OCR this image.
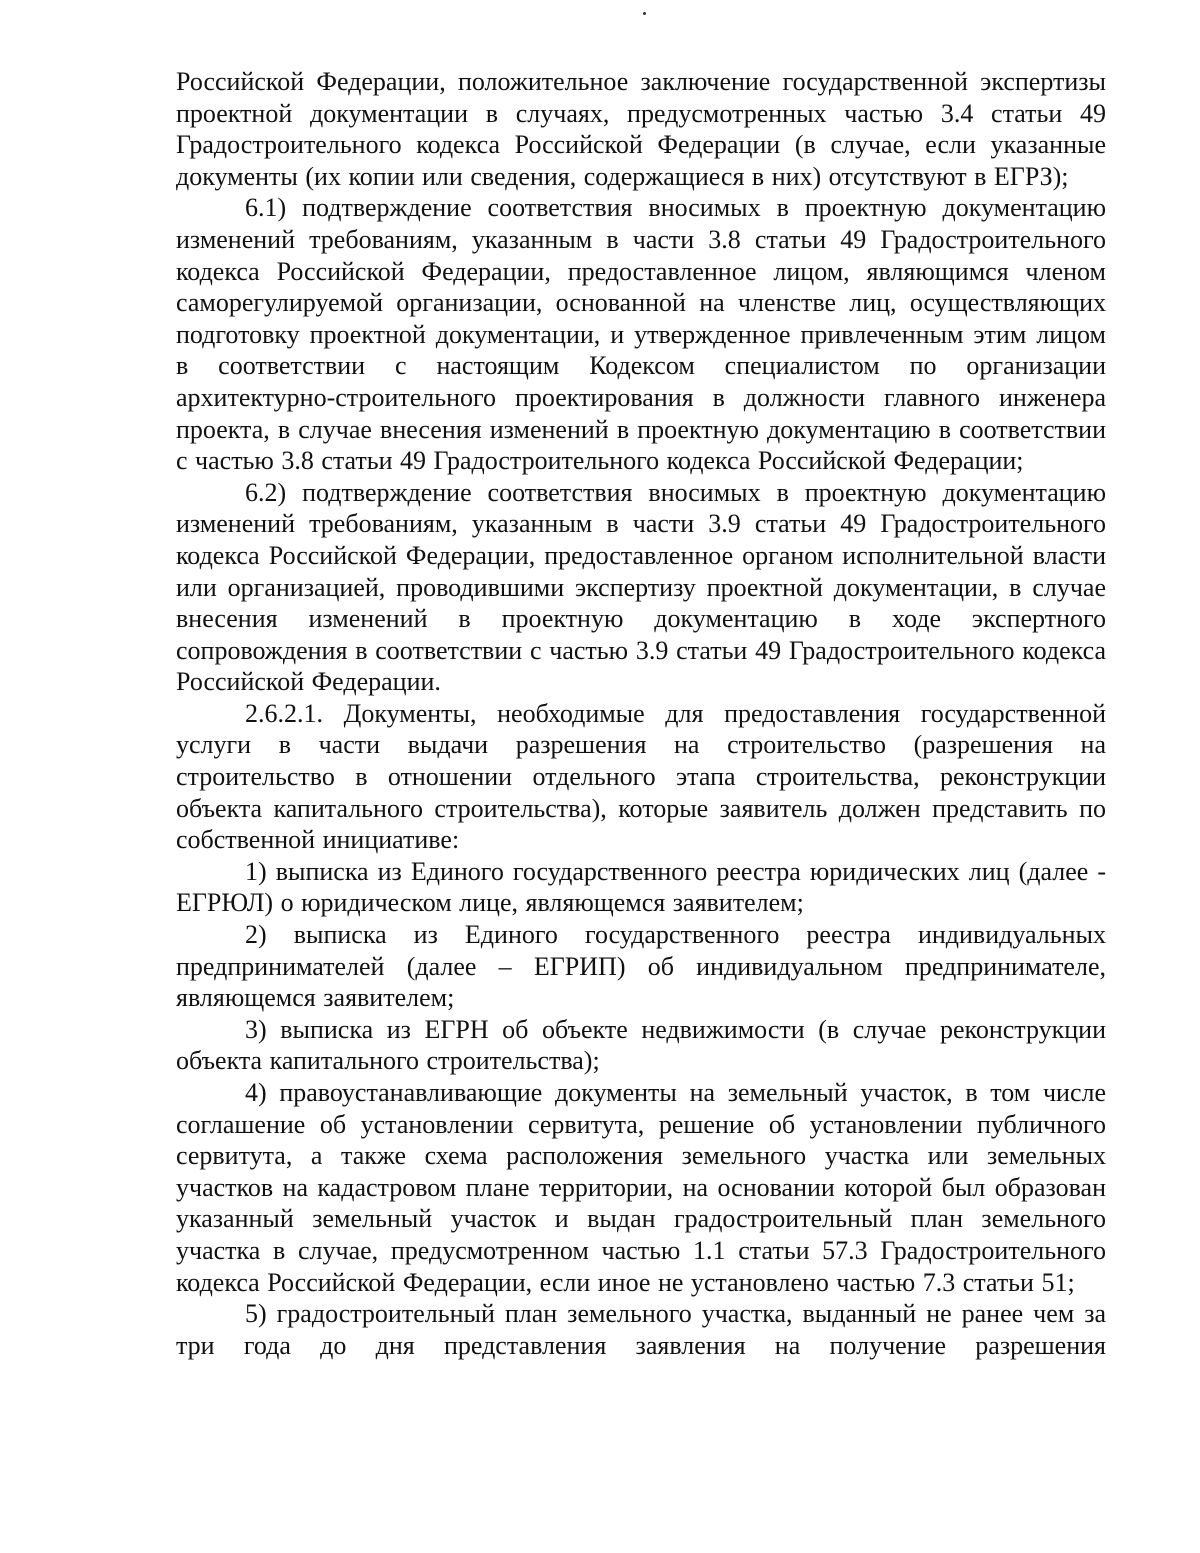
Российской Федерации, положительное заключение государственной экспертизы проектной документации в случаях, предусмотренных частью 3.4 статьи 49 Градостроительного кодекса Российской Федерации (в случае, если указанные документы (их копии или сведения, содержащиеся в них) отсутствуют в ЕГРЗ);

6.1) подтверждение соответствия вносимых в проектную документацию изменений требованиям, указанным в части 3.8 статьи 49 Градостроительного кодекса Российской Федерации, предоставленное лицом, являющимся членом саморегулируемой организации, основанной на членстве лиц, осуществляющих подготовку проектной документации, и утвержденное привлеченным этим лицом в соответствии с настоящим Кодексом специалистом по организации архитектурно-строительного проектирования в должности главного инженера проекта, в случае внесения изменений в проектную документацию в соответствии с частью 3.8 статьи 49 Градостроительного кодекса Российской Федерации;

6.2) подтверждение соответствия вносимых в проектную документацию изменений требованиям, указанным в части 3.9 статьи 49 Градостроительного кодекса Российской Федерации, предоставленное органом исполнительной власти или организацией, проводившими экспертизу проектной документации, в случае внесения изменений в проектную документацию в ходе экспертного сопровождения в соответствии с частью 3.9 статьи 49 Градостроительного кодекса Российской Федерации.

2.6.2.1. Документы, необходимые для предоставления государственной услуги в части выдачи разрешения на строительство (разрешения на строительство в отношении отдельного этапа строительства, реконструкции объекта капитального строительства), которые заявитель должен представить по собственной инициативе:

1) выписка из Единого государственного реестра юридических лиц (далее - ЕГРЮЛ) о юридическом лице, являющемся заявителем;

2) выписка из Единого государственного реестра индивидуальных предпринимателей (далее – ЕГРИП) об индивидуальном предпринимателе, являющемся заявителем;

3) выписка из ЕГРН об объекте недвижимости (в случае реконструкции объекта капитального строительства);

4) правоустанавливающие документы на земельный участок, в том числе соглашение об установлении сервитута, решение об установлении публичного сервитута, а также схема расположения земельного участка или земельных участков на кадастровом плане территории, на основании которой был образован указанный земельный участок и выдан градостроительный план земельного участка в случае, предусмотренном частью 1.1 статьи 57.3 Градостроительного кодекса Российской Федерации, если иное не установлено частью 7.3 статьи 51;

5) градостроительный план земельного участка, выданный не ранее чем за три года до дня представления заявления на получение разрешения
